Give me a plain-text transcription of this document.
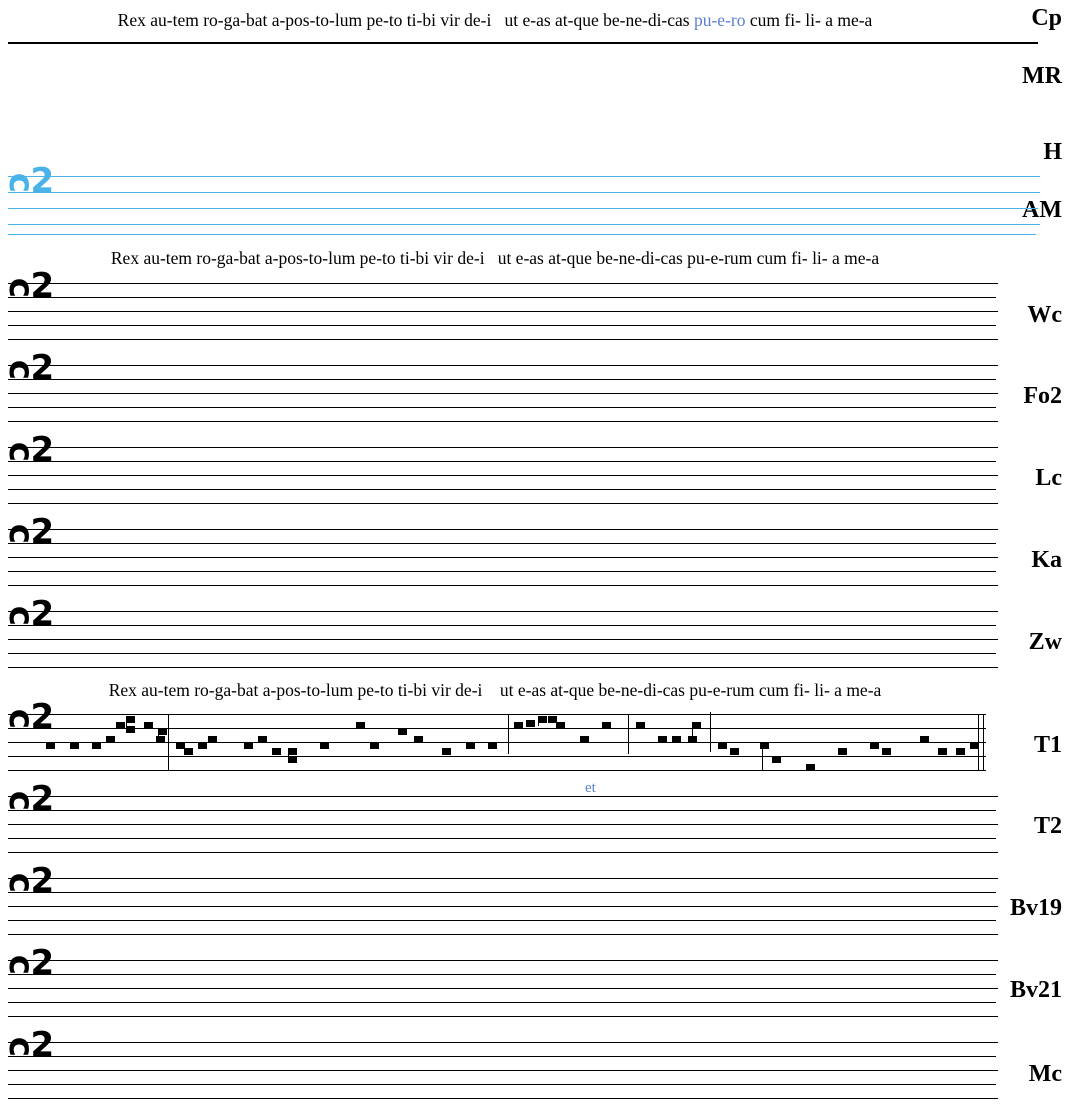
Rex au-tem ro-ga-bat a-pos-to-lum pe-to ti-bi vir de-i   ut e-as at-que be-ne-di-cas pu-e-ro cum fi- li- a me-a	Cp
MR
H
AM
Wc
Fo2
Lc
Ka
Zw
T1
T2
Bv19
Bv21
Mc
ᴒ2
Rex au-tem ro-ga-bat a-pos-to-lum pe-to ti-bi vir de-i   ut e-as at-que be-ne-di-cas pu-e-rum cum fi- li- a me-a
ᴒ2
ᴒ2
ᴒ2
ᴒ2
ᴒ2
Rex au-tem ro-ga-bat a-pos-to-lum pe-to ti-bi vir de-i    ut e-as at-que be-ne-di-cas pu-e-rum cum fi- li- a me-a
ᴒ2
et
ᴒ2
ᴒ2
ᴒ2
ᴒ2
